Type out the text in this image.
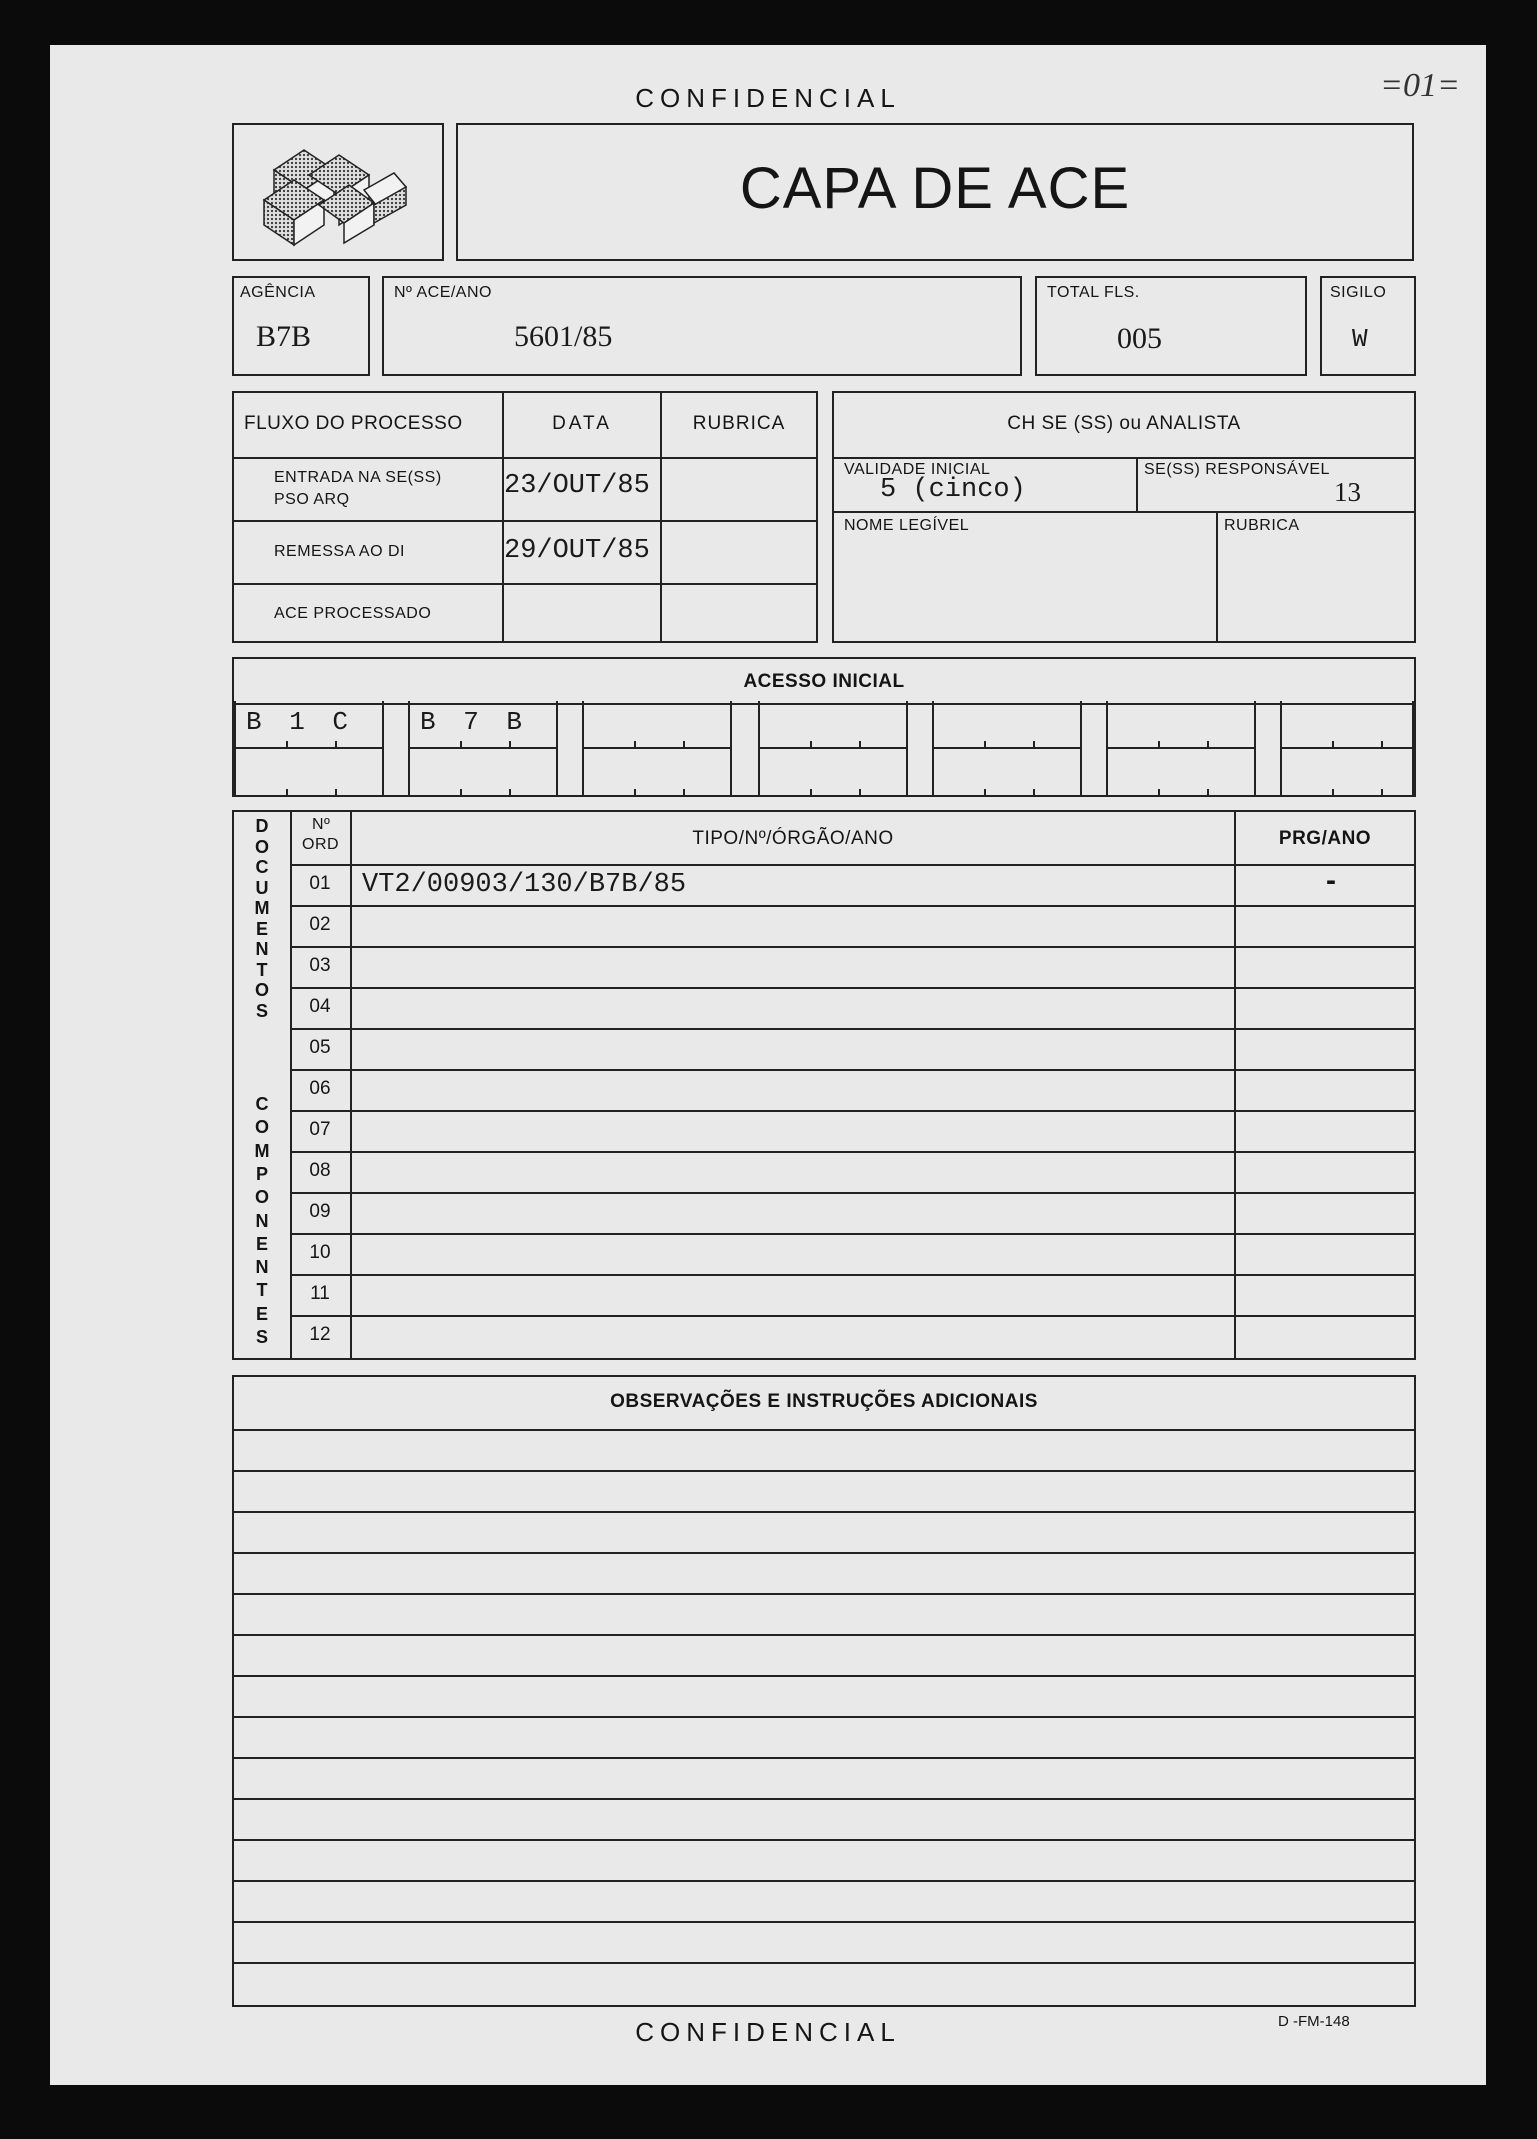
CONFIDENCIAL	=01=
CAPA DE ACE
AGÊNCIA
B7B
Nº ACE/ANO
5601/85
TOTAL FLS.
005
SIGILO
W
FLUXO DO PROCESSO	DATA	RUBRICA
ENTRADA NA SE(SS)
PSO ARQ	23/OUT/85
REMESSA AO DI	29/OUT/85
ACE PROCESSADO
CH SE (SS) ou ANALISTA
VALIDADE INICIAL
5 (cinco)
SE(SS) RESPONSÁVEL
13
NOME LEGÍVEL	RUBRICA
ACESSO INICIAL
Nº
ORD	TIPO/Nº/ÓRGÃO/ANO	PRG/ANO
D
O
C
U
M
E
N
T
O
S
C
O
M
P
O
N
E
N
T
E
S
01	VT2/00903/130/B7B/85	-
02
03
04
05
06
07
08
09
10
11
12
OBSERVAÇÕES E INSTRUÇÕES ADICIONAIS
CONFIDENCIAL	D -FM-148
B 1 C	B 7 B
